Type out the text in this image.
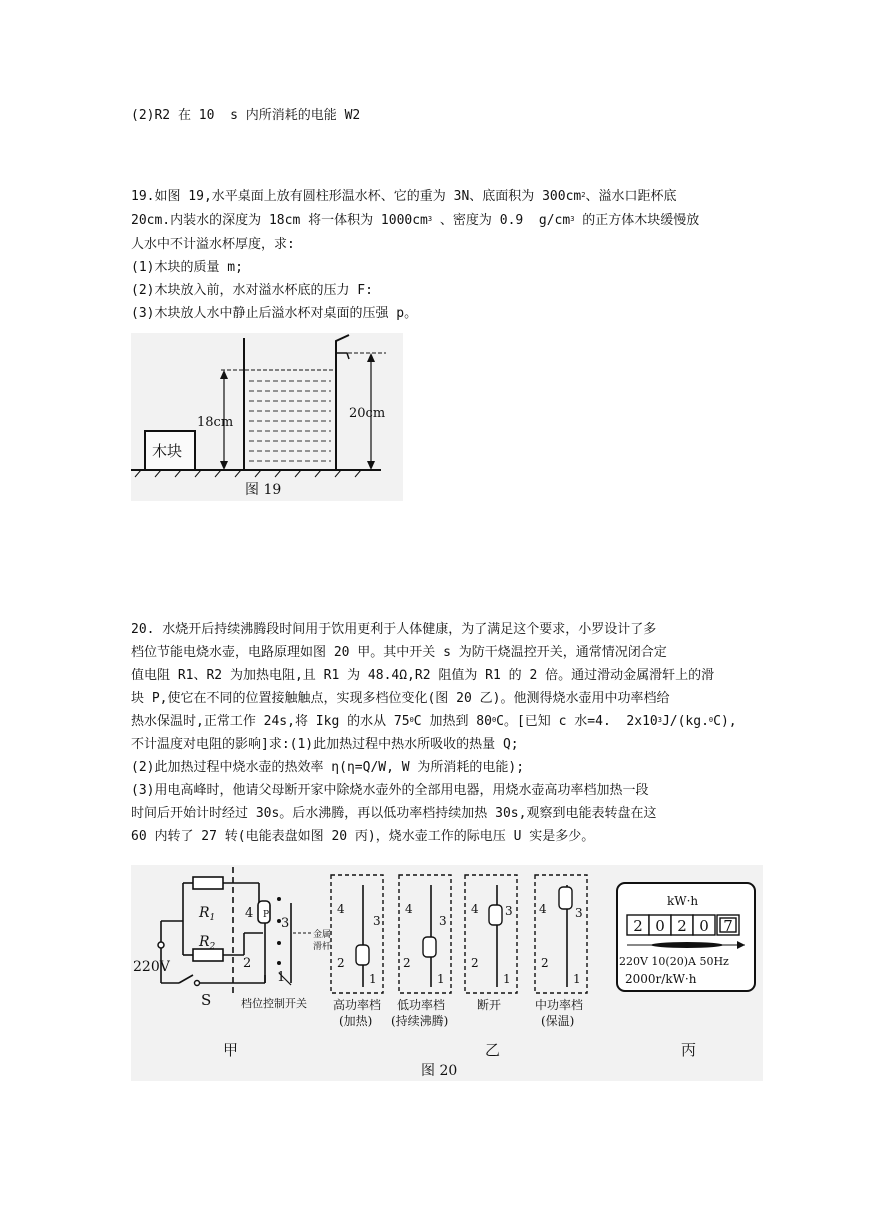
(2)R2 在 10  s 内所消耗的电能 W2
19.如图 19,水平桌面上放有圆柱形温水杯、它的重为 3N、底面积为 $300cm^2$、溢水口距杯底
20cm.内装水的深度为 18cm 将一体积为 $1000cm^3$ 、密度为 0.9  $g/cm^3$ 的正方体木块缓慢放
人水中不计溢水杯厚度，求:
(1)木块的质量 m;
(2)木块放入前，水对溢水杯底的压力 F:
(3)木块放人水中静止后溢水杯对桌面的压强 p。
18cm
20cm
木块
图 19
20. 水烧开后持续沸腾段时间用于饮用更利于人体健康，为了满足这个要求，小罗设计了多
档位节能电烧水壶，电路原理如图 20 甲。其中开关 s 为防干烧温控开关，通常情况闭合定
值电阻 R1、R2 为加热电阻,且 R1 为 48.4Ω,R2 阻值为 R1 的 2 倍。通过滑动金属滑轩上的滑
块 P,使它在不同的位置接触触点，实现多档位变化(图 20 乙)。他测得烧水壶用中功率档给
热水保温时,正常工作 24s,将 Ikg 的水从 $75^0C$ 加热到 $80^0C$。[已知 c 水=4.  $2x10^3J/(kg.^0C)$,
不计温度对电阻的影响]求:(1)此加热过程中热水所吸收的热量 Q;
(2)此加热过程中烧水壶的热效率 η(η=Q/W, W 为所消耗的电能);
(3)用电高峰时，他请父母断开家中除烧水壶外的全部用电器，用烧水壶高功率档加热一段
时间后开始计时经过 30s。后水沸腾，再以低功率档持续加热 30s,观察到电能表转盘在这
60 内转了 27 转(电能表盘如图 20 丙)，烧水壶工作的际电压 U 实是多少。
$R_1$
$R_2$
P
4
3
2
1
金属
滑杆
220V
S	档位控制开关
4
3
2
1
4
3
2
1
4 3
2
1
4 3
2
1
高功率档
(加热)
低功率档
(持续沸腾)
断开	中功率档
(保温)
kW·h
2 0 2 0 7
220V 10(20)A 50Hz
2000r/kW·h
甲	乙	丙
图 20
